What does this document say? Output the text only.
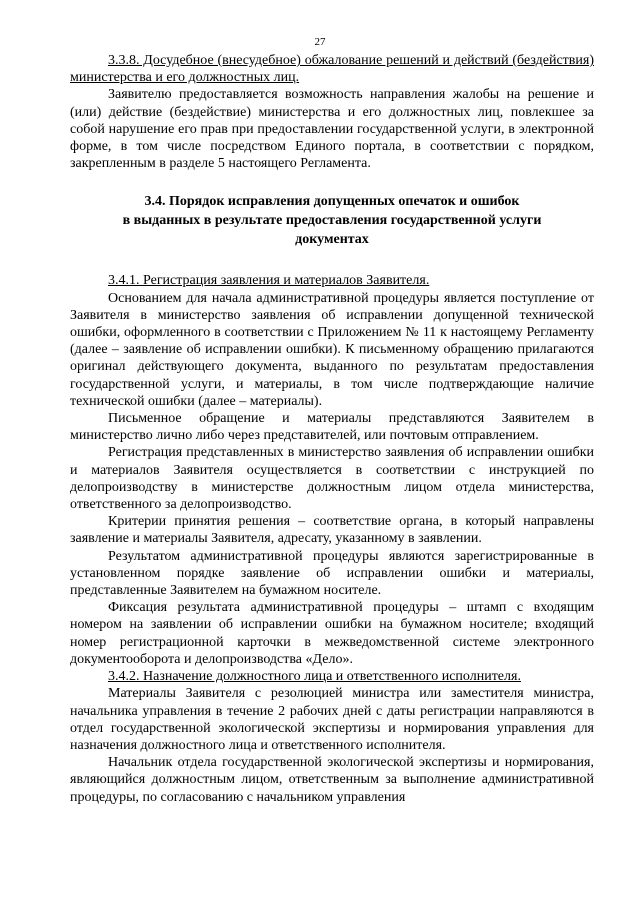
27

3.3.8. Досудебное (внесудебное) обжалование решений и действий (бездействия) министерства и его должностных лиц.

Заявителю предоставляется возможность направления жалобы на решение и (или) действие (бездействие) министерства и его должностных лиц, повлекшее за собой нарушение его прав при предоставлении государственной услуги, в электронной форме, в том числе посредством Единого портала, в соответствии с порядком, закрепленным в разделе 5 настоящего Регламента.

3.4. Порядок исправления допущенных опечаток и ошибок
в выданных в результате предоставления государственной услуги
документах

3.4.1. Регистрация заявления и материалов Заявителя.

Основанием для начала административной процедуры является поступление от Заявителя в министерство заявления об исправлении допущенной технической ошибки, оформленного в соответствии с Приложением № 11 к настоящему Регламенту (далее – заявление об исправлении ошибки). К письменному обращению прилагаются оригинал действующего документа, выданного по результатам предоставления государственной услуги, и материалы, в том числе подтверждающие наличие технической ошибки (далее – материалы).

Письменное обращение и материалы представляются Заявителем в министерство лично либо через представителей, или почтовым отправлением.

Регистрация представленных в министерство заявления об исправлении ошибки и материалов Заявителя осуществляется в соответствии с инструкцией по делопроизводству в министерстве должностным лицом отдела министерства, ответственного за делопроизводство.

Критерии принятия решения – соответствие органа, в который направлены заявление и материалы Заявителя, адресату, указанному в заявлении.

Результатом административной процедуры являются зарегистрированные в установленном порядке заявление об исправлении ошибки и материалы, представленные Заявителем на бумажном носителе.

Фиксация результата административной процедуры – штамп с входящим номером на заявлении об исправлении ошибки на бумажном носителе; входящий номер регистрационной карточки в межведомственной системе электронного документооборота и делопроизводства «Дело».

3.4.2. Назначение должностного лица и ответственного исполнителя.

Материалы Заявителя с резолюцией министра или заместителя министра, начальника управления в течение 2 рабочих дней с даты регистрации направляются в отдел государственной экологической экспертизы и нормирования управления для назначения должностного лица и ответственного исполнителя.

Начальник отдела государственной экологической экспертизы и нормирования, являющийся должностным лицом, ответственным за выполнение административной процедуры, по согласованию с начальником управления
